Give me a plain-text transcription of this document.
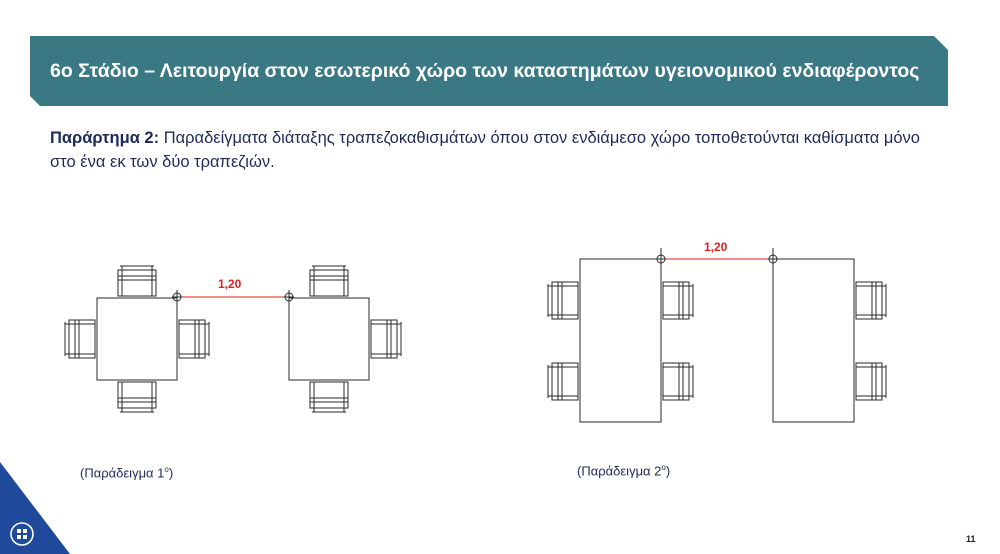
6ο Στάδιο – Λειτουργία στον εσωτερικό χώρο των καταστημάτων υγειονομικού ενδιαφέροντος
Παράρτημα 2: Παραδείγματα διάταξης τραπεζοκαθισμάτων όπου στον ενδιάμεσο χώρο τοποθετούνται καθίσματα μόνο στο ένα εκ των δύο τραπεζιών.
1,20
1,20
(Παράδειγμα $1^o$)	(Παράδειγμα $2^o$)
11
